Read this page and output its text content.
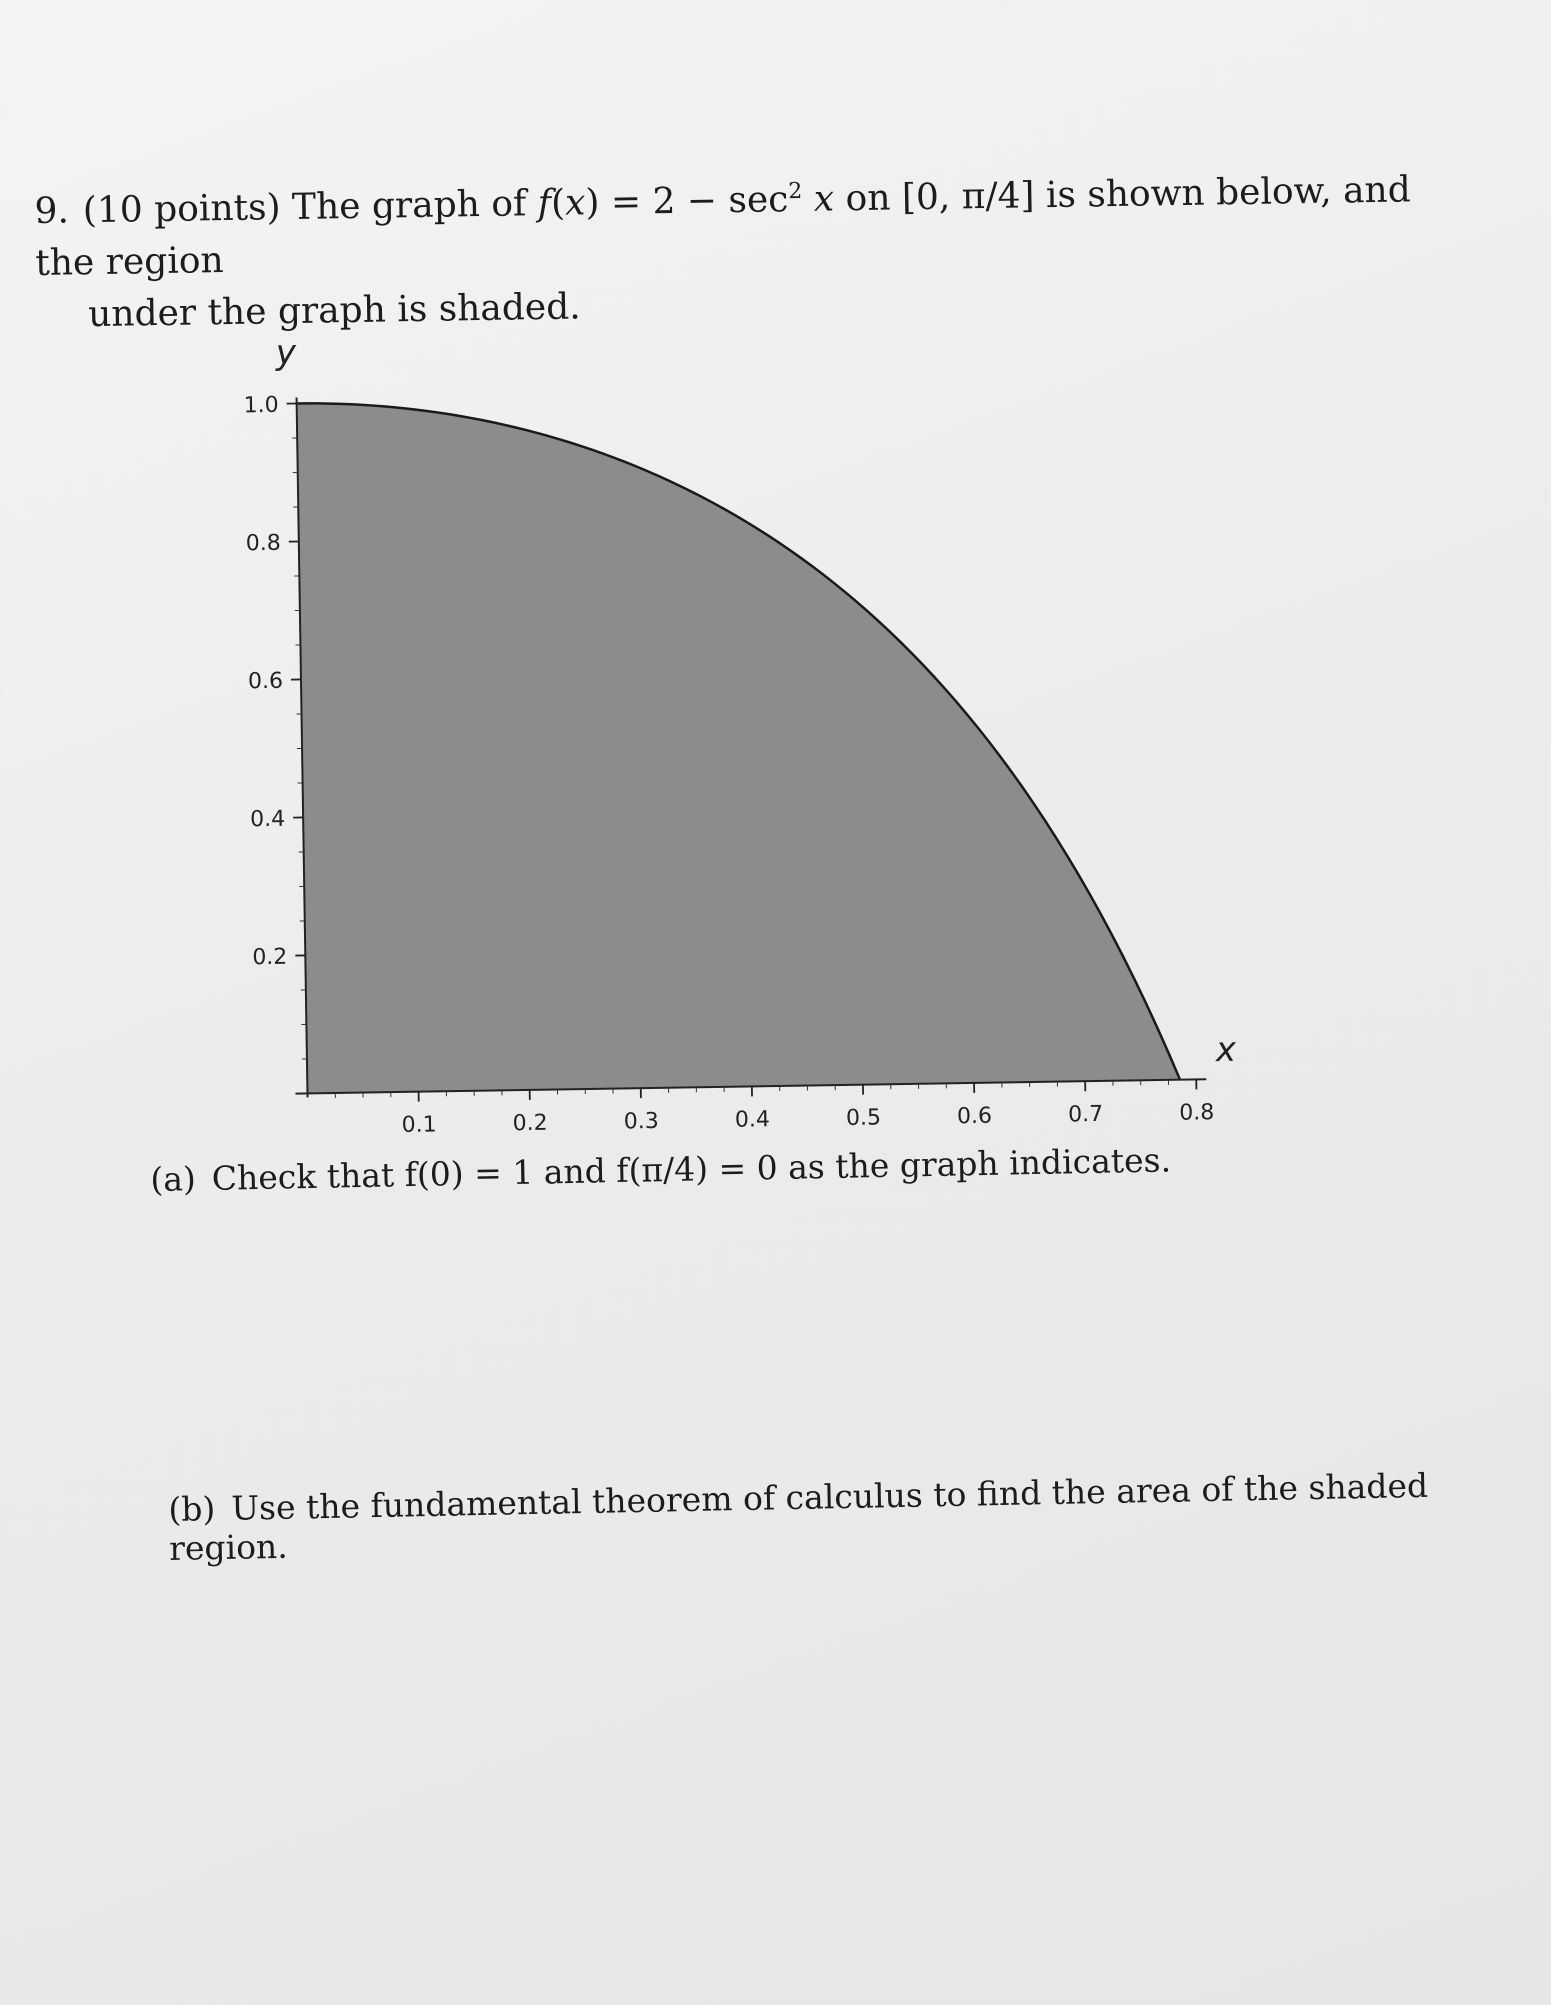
9. (10 points) The graph of $f(x) = 2 - \sec^2 x$ on [0, π/4] is shown below, and the region
under the graph is shaded.
0.2
0.4
0.6
0.8
1.0
0.1	0.2	0.3	0.4	0.5	0.6	0.7	0.8
y
x
(a) Check that f(0) = 1 and f(π/4) = 0 as the graph indicates.
(b) Use the fundamental theorem of calculus to find the area of the shaded region.
